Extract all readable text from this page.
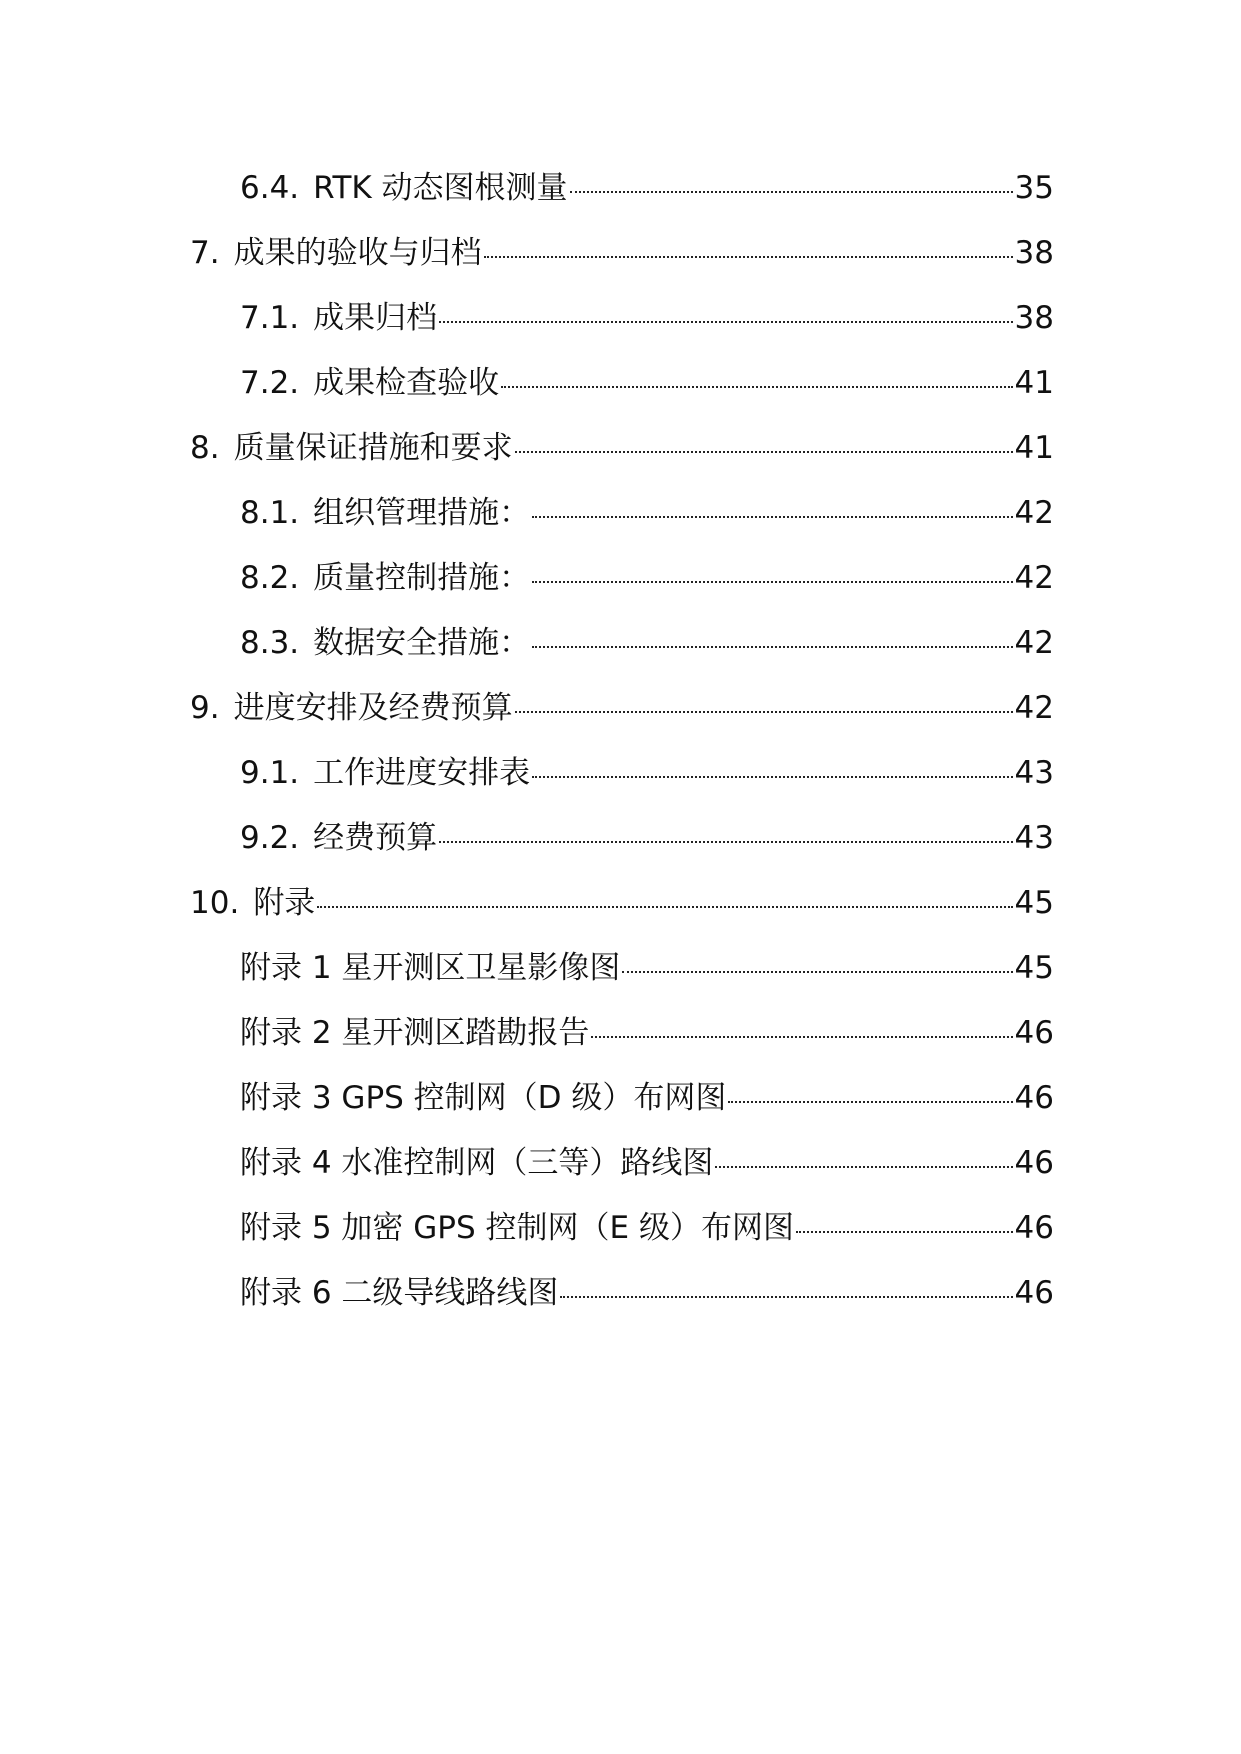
6.4. RTK 动态图根测量	35
7. 成果的验收与归档	38
7.1. 成果归档	38
7.2. 成果检查验收	41
8. 质量保证措施和要求	41
8.1. 组织管理措施：	42
8.2. 质量控制措施：	42
8.3. 数据安全措施：	42
9. 进度安排及经费预算	42
9.1. 工作进度安排表	43
9.2. 经费预算	43
10. 附录	45
附录 1 星开测区卫星影像图	45
附录 2 星开测区踏勘报告	46
附录 3 GPS 控制网（D 级）布网图	46
附录 4 水准控制网（三等）路线图	46
附录 5 加密 GPS 控制网（E 级）布网图	46
附录 6 二级导线路线图	46
